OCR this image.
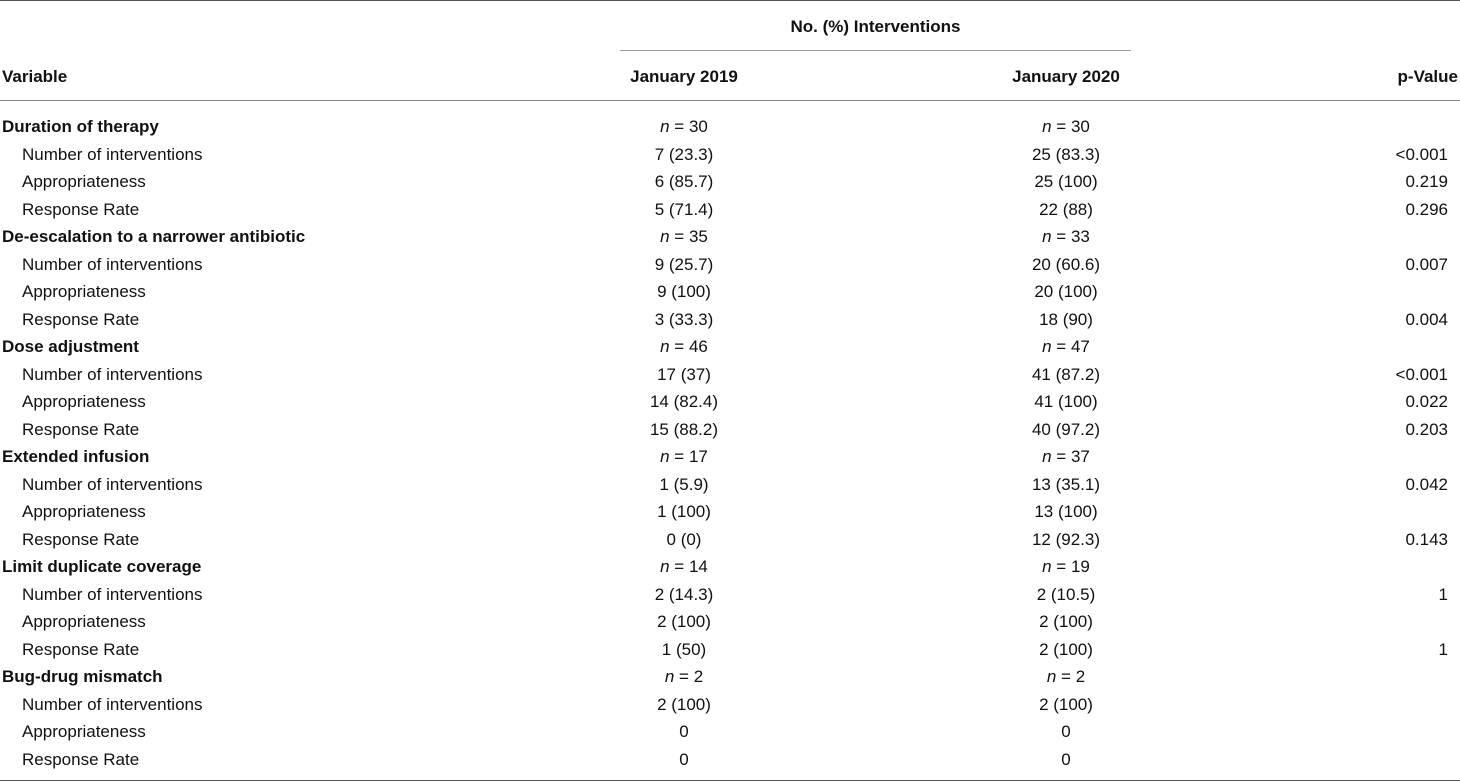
No. (%) Interventions
Variable	January 2019	January 2020	p-Value
Duration of therapy	n = 30	n = 30
Number of interventions	7 (23.3)	25 (83.3)	<0.001
Appropriateness	6 (85.7)	25 (100)	0.219
Response Rate	5 (71.4)	22 (88)	0.296
De-escalation to a narrower antibiotic	n = 35	n = 33
Number of interventions	9 (25.7)	20 (60.6)	0.007
Appropriateness	9 (100)	20 (100)
Response Rate	3 (33.3)	18 (90)	0.004
Dose adjustment	n = 46	n = 47
Number of interventions	17 (37)	41 (87.2)	<0.001
Appropriateness	14 (82.4)	41 (100)	0.022
Response Rate	15 (88.2)	40 (97.2)	0.203
Extended infusion	n = 17	n = 37
Number of interventions	1 (5.9)	13 (35.1)	0.042
Appropriateness	1 (100)	13 (100)
Response Rate	0 (0)	12 (92.3)	0.143
Limit duplicate coverage	n = 14	n = 19
Number of interventions	2 (14.3)	2 (10.5)	1
Appropriateness	2 (100)	2 (100)
Response Rate	1 (50)	2 (100)	1
Bug-drug mismatch	n = 2	n = 2
Number of interventions	2 (100)	2 (100)
Appropriateness	0	0
Response Rate	0	0
